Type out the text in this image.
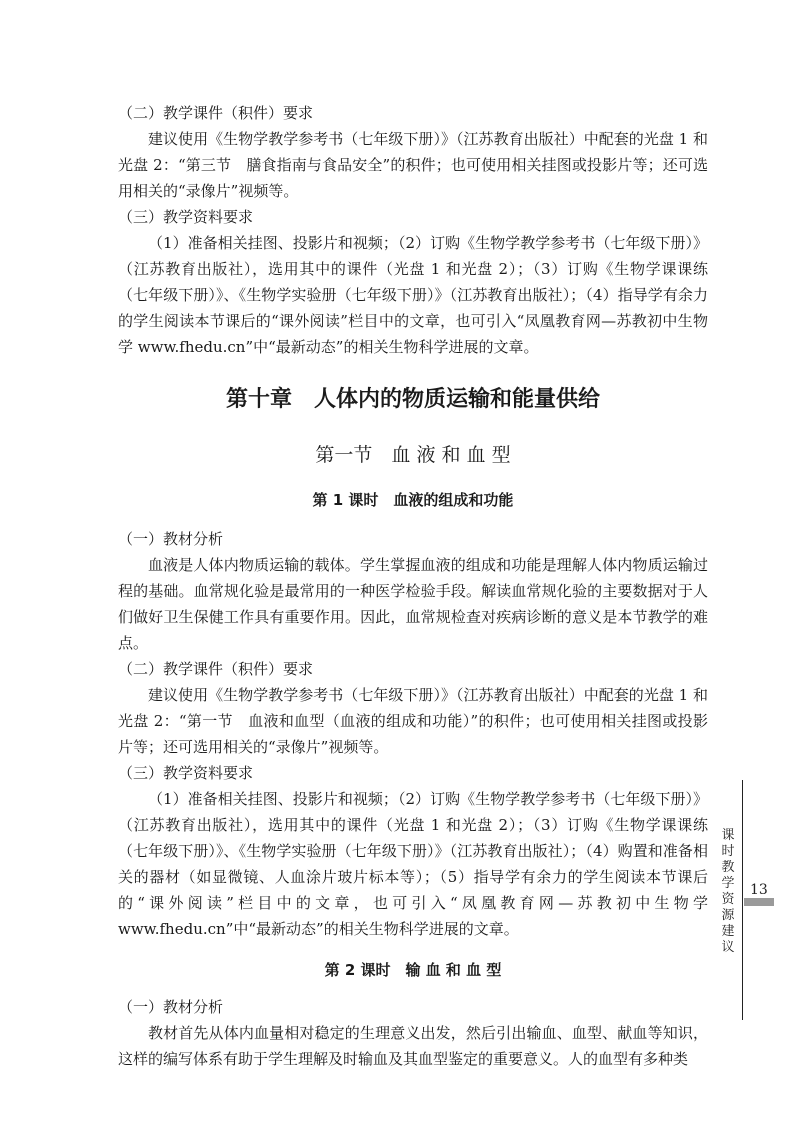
（二）教学课件（积件）要求

建议使用《生物学教学参考书（七年级下册）》（江苏教育出版社）中配套的光盘 1 和光盘 2：“第三节　膳食指南与食品安全”的积件；也可使用相关挂图或投影片等；还可选用相关的“录像片”视频等。

（三）教学资料要求

（1）准备相关挂图、投影片和视频；（2）订购《生物学教学参考书（七年级下册）》（江苏教育出版社），选用其中的课件（光盘 1 和光盘 2）；（3）订购《生物学课课练（七年级下册）》、《生物学实验册（七年级下册）》（江苏教育出版社）；（4）指导学有余力的学生阅读本节课后的“课外阅读”栏目中的文章，也可引入“凤凰教育网—苏教初中生物学 www.fhedu.cn”中“最新动态”的相关生物科学进展的文章。

第十章　人体内的物质运输和能量供给
第一节　血 液 和 血 型
第 1 课时　血液的组成和功能

（一）教材分析

血液是人体内物质运输的载体。学生掌握血液的组成和功能是理解人体内物质运输过程的基础。血常规化验是最常用的一种医学检验手段。解读血常规化验的主要数据对于人们做好卫生保健工作具有重要作用。因此，血常规检查对疾病诊断的意义是本节教学的难点。

（二）教学课件（积件）要求

建议使用《生物学教学参考书（七年级下册）》（江苏教育出版社）中配套的光盘 1 和光盘 2：“第一节　血液和血型（血液的组成和功能）”的积件；也可使用相关挂图或投影片等；还可选用相关的“录像片”视频等。

（三）教学资料要求

（1）准备相关挂图、投影片和视频；（2）订购《生物学教学参考书（七年级下册）》（江苏教育出版社），选用其中的课件（光盘 1 和光盘 2）；（3）订购《生物学课课练（七年级下册）》、《生物学实验册（七年级下册）》（江苏教育出版社）；（4）购置和准备相关的器材（如显微镜、人血涂片玻片标本等）；（5）指导学有余力的学生阅读本节课后的“课外阅读”栏目中的文章，也可引入“凤凰教育网—苏教初中生物学 www.fhedu.cn”中“最新动态”的相关生物科学进展的文章。

第 2 课时　输 血 和 血 型

（一）教材分析

教材首先从体内血量相对稳定的生理意义出发，然后引出输血、血型、献血等知识，这样的编写体系有助于学生理解及时输血及其血型鉴定的重要意义。人的血型有多种类

课时教学资源建议
13
